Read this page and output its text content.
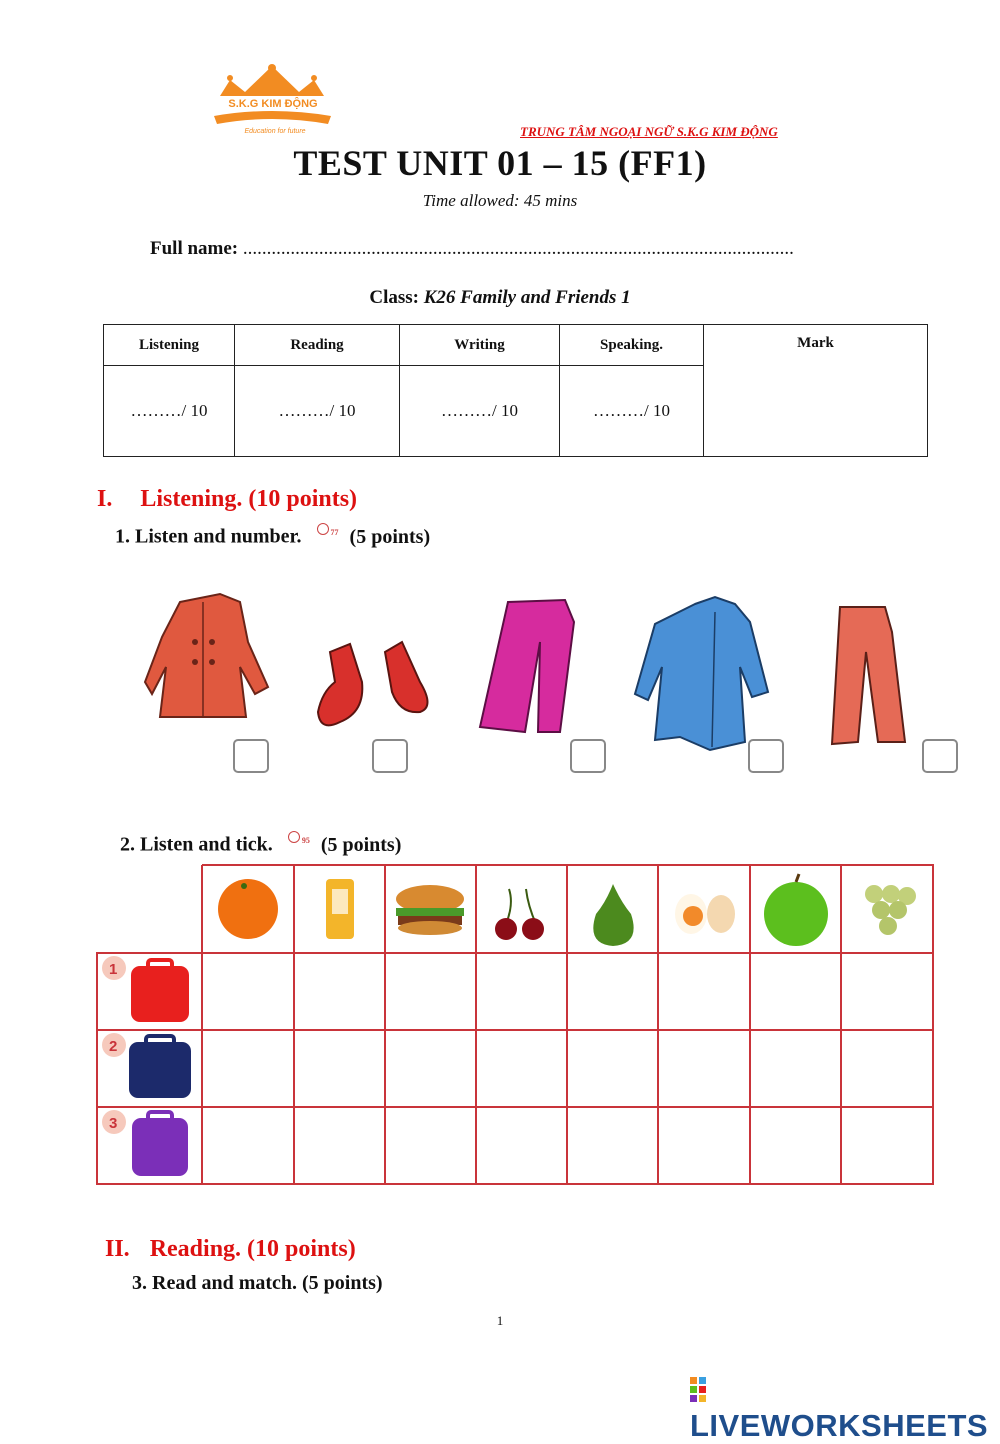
S.K.G KIM ĐỘNG
Education for future	TRUNG TÂM NGOẠI NGỮ S.K.G KIM ĐỘNG
TEST UNIT 01 – 15 (FF1)
Time allowed: 45 mins
Full name: ....................................................................................................................
Class: K26 Family and Friends 1
Listening	Reading	Writing	Speaking.	Mark
………/ 10	………/ 10	………/ 10	………/ 10	
I. Listening. (10 points)
1. Listen and number.	$^{77}$ (5 points)
2. Listen and tick.	$^{95}$ (5 points)
1
2
3
II. Reading. (10 points)
3. Read and match. (5 points)
1
LIVEWORKSHEETS
